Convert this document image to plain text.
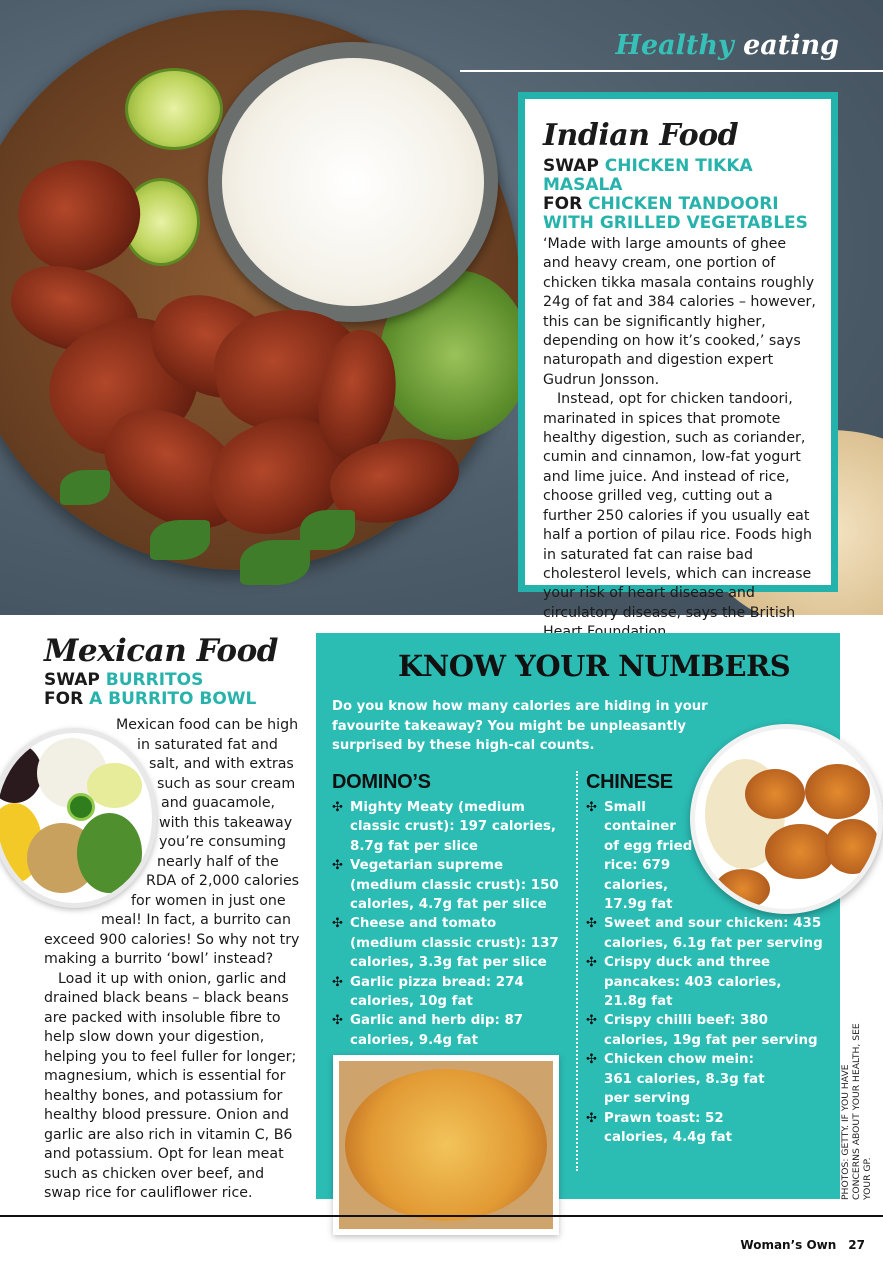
Healthy eating
Indian Food
SWAP CHICKEN TIKKA MASALA
FOR CHICKEN TANDOORI
WITH GRILLED VEGETABLES

‘Made with large amounts of ghee and heavy cream, one portion of chicken tikka masala contains roughly 24g of fat and 384 calories – however, this can be significantly higher, depending on how it’s cooked,’ says naturopath and digestion expert Gudrun Jonsson.

Instead, opt for chicken tandoori, marinated in spices that promote healthy digestion, such as coriander, cumin and cinnamon, low-fat yogurt and lime juice. And instead of rice, choose grilled veg, cutting out a further 250 calories if you usually eat half a portion of pilau rice. Foods high in saturated fat can raise bad cholesterol levels, which can increase your risk of heart disease and circulatory disease, says the British

Mexican Food
SWAP BURRITOS
FOR A BURRITO BOWL
Mexican food can be high
in saturated fat and
salt, and with extras
such as sour cream
and guacamole,
with this takeaway
you’re consuming
nearly half of the
RDA of 2,000 calories
for women in just one
meal! In fact, a burrito can
exceed 900 calories! So why not try
making a burrito ‘bowl’ instead?
Load it up with onion, garlic and
drained black beans – black beans
are packed with insoluble fibre to
help slow down your digestion,
helping you to feel fuller for longer;
magnesium, which is essential for
healthy bones, and potassium for
healthy blood pressure. Onion and
garlic are also rich in vitamin C, B6
and potassium. Opt for lean meat
such as chicken over beef, and
swap rice for cauliflower rice.
KNOW YOUR NUMBERS
Do you know how many calories are hiding in your favourite takeaway? You might be unpleasantly surprised by these high-cal counts.
DOMINO’S
✣ Mighty Meaty (medium classic crust): 197 calories, 8.7g fat per slice
✣ Vegetarian supreme (medium classic crust): 150 calories, 4.7g fat per slice
✣ Cheese and tomato (medium classic crust): 137 calories, 3.3g fat per slice
✣ Garlic pizza bread: 274 calories, 10g fat
✣ Garlic and herb dip: 87 calories, 9.4g fat
CHINESE
✣ Small container of egg fried rice: 679 calories, 17.9g fat
✣ Sweet and sour chicken: 435 calories, 6.1g fat per serving
✣ Crispy duck and three pancakes: 403 calories, 21.8g fat
✣ Crispy chilli beef: 380 calories, 19g fat per serving
✣ Chicken chow mein: 361 calories, 8.3g fat per serving
✣ Prawn toast: 52 calories, 4.4g fat	PHOTOS: GETTY. IF YOU HAVE CONCERNS ABOUT YOUR HEALTH, SEE YOUR GP.
Woman’s Own 27
